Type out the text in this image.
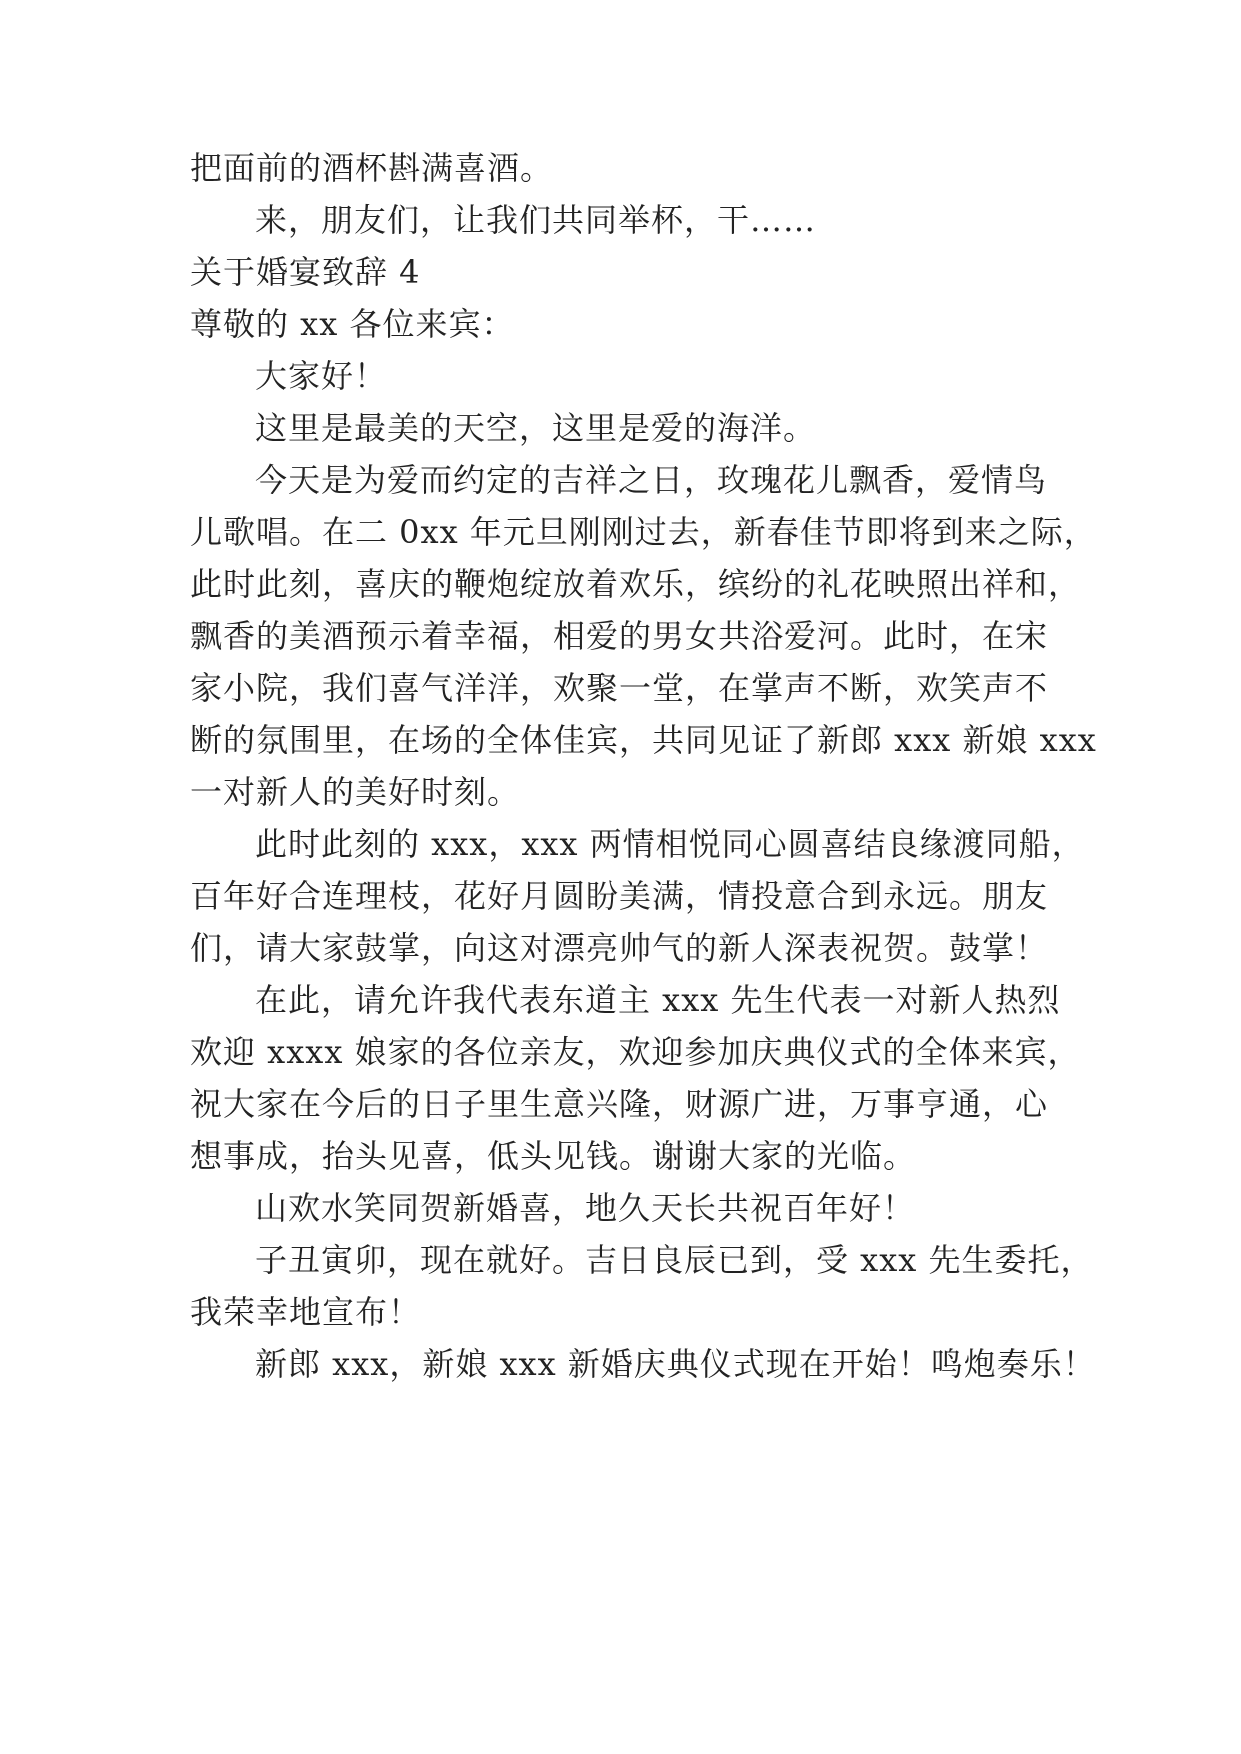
把面前的酒杯斟满喜酒。
来，朋友们，让我们共同举杯，干……
关于婚宴致辞 4
尊敬的 xx 各位来宾：
大家好！
这里是最美的天空，这里是爱的海洋。
今天是为爱而约定的吉祥之日，玫瑰花儿飘香，爱情鸟
儿歌唱。在二 0xx 年元旦刚刚过去，新春佳节即将到来之际，
此时此刻，喜庆的鞭炮绽放着欢乐，缤纷的礼花映照出祥和，
飘香的美酒预示着幸福，相爱的男女共浴爱河。此时，在宋
家小院，我们喜气洋洋，欢聚一堂，在掌声不断，欢笑声不
断的氛围里，在场的全体佳宾，共同见证了新郎 xxx 新娘 xxx
一对新人的美好时刻。
此时此刻的 xxx，xxx 两情相悦同心圆喜结良缘渡同船，
百年好合连理枝，花好月圆盼美满，情投意合到永远。朋友
们，请大家鼓掌，向这对漂亮帅气的新人深表祝贺。鼓掌！
在此，请允许我代表东道主 xxx 先生代表一对新人热烈
欢迎 xxxx 娘家的各位亲友，欢迎参加庆典仪式的全体来宾，
祝大家在今后的日子里生意兴隆，财源广进，万事亨通，心
想事成，抬头见喜，低头见钱。谢谢大家的光临。
山欢水笑同贺新婚喜，地久天长共祝百年好！
子丑寅卯，现在就好。吉日良辰已到，受 xxx 先生委托，
我荣幸地宣布！
新郎 xxx，新娘 xxx 新婚庆典仪式现在开始！鸣炮奏乐！
